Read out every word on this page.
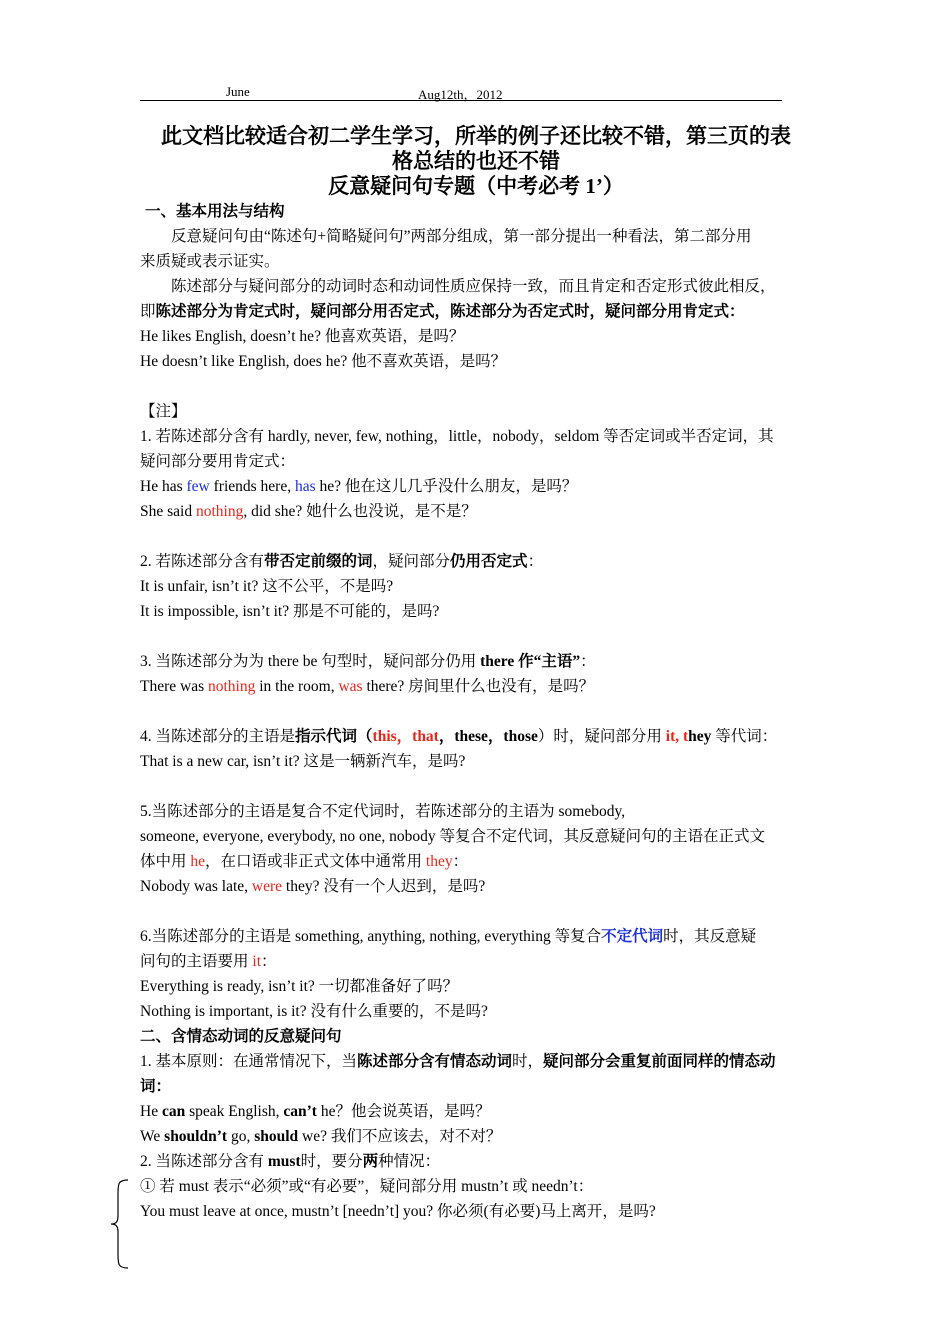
June	Aug12th，2012
此文档比较适合初二学生学习，所举的例子还比较不错，第三页的表
格总结的也还不错
反意疑问句专题（中考必考 1’）
一、基本用法与结构
　　反意疑问句由“陈述句+简略疑问句”两部分组成，第一部分提出一种看法，第二部分用
来质疑或表示证实。
　　陈述部分与疑问部分的动词时态和动词性质应保持一致，而且肯定和否定形式彼此相反，
即陈述部分为肯定式时，疑问部分用否定式，陈述部分为否定式时，疑问部分用肯定式：
He likes English, doesn’t he? 他喜欢英语，是吗？
He doesn’t like English, does he? 他不喜欢英语，是吗？
【注】
1. 若陈述部分含有 hardly, never, few, nothing，little，nobody，seldom 等否定词或半否定词，其
疑问部分要用肯定式：
He has few friends here, has he? 他在这儿几乎没什么朋友，是吗？
She said nothing, did she? 她什么也没说，是不是？
2. 若陈述部分含有带否定前缀的词，疑问部分仍用否定式：
It is unfair, isn’t it? 这不公平，不是吗?
It is impossible, isn’t it? 那是不可能的，是吗?
3. 当陈述部分为为 there be 句型时，疑问部分仍用 there 作“主语”：
There was nothing in the room, was there? 房间里什么也没有，是吗？
4. 当陈述部分的主语是指示代词（this，that，these，those）时，疑问部分用 it, they 等代词：
That is a new car, isn’t it? 这是一辆新汽车，是吗?
5.当陈述部分的主语是复合不定代词时，若陈述部分的主语为 somebody,
someone, everyone, everybody, no one, nobody 等复合不定代词，其反意疑问句的主语在正式文
体中用 he，在口语或非正式文体中通常用 they：
Nobody was late, were they? 没有一个人迟到，是吗?
6.当陈述部分的主语是 something, anything, nothing, everything 等复合不定代词时，其反意疑
问句的主语要用 it：
Everything is ready, isn’t it? 一切都准备好了吗？
Nothing is important, is it? 没有什么重要的，不是吗?
二、含情态动词的反意疑问句
1. 基本原则：在通常情况下，当陈述部分含有情态动词时，疑问部分会重复前面同样的情态动
词：
He can speak English, can’t he？他会说英语，是吗？
We shouldn’t go, should we? 我们不应该去，对不对？
2. 当陈述部分含有 must时，要分两种情况：
① 若 must 表示“必须”或“有必要”，疑问部分用 mustn’t 或 needn’t：
You must leave at once, mustn’t [needn’t] you? 你必须(有必要)马上离开，是吗?
